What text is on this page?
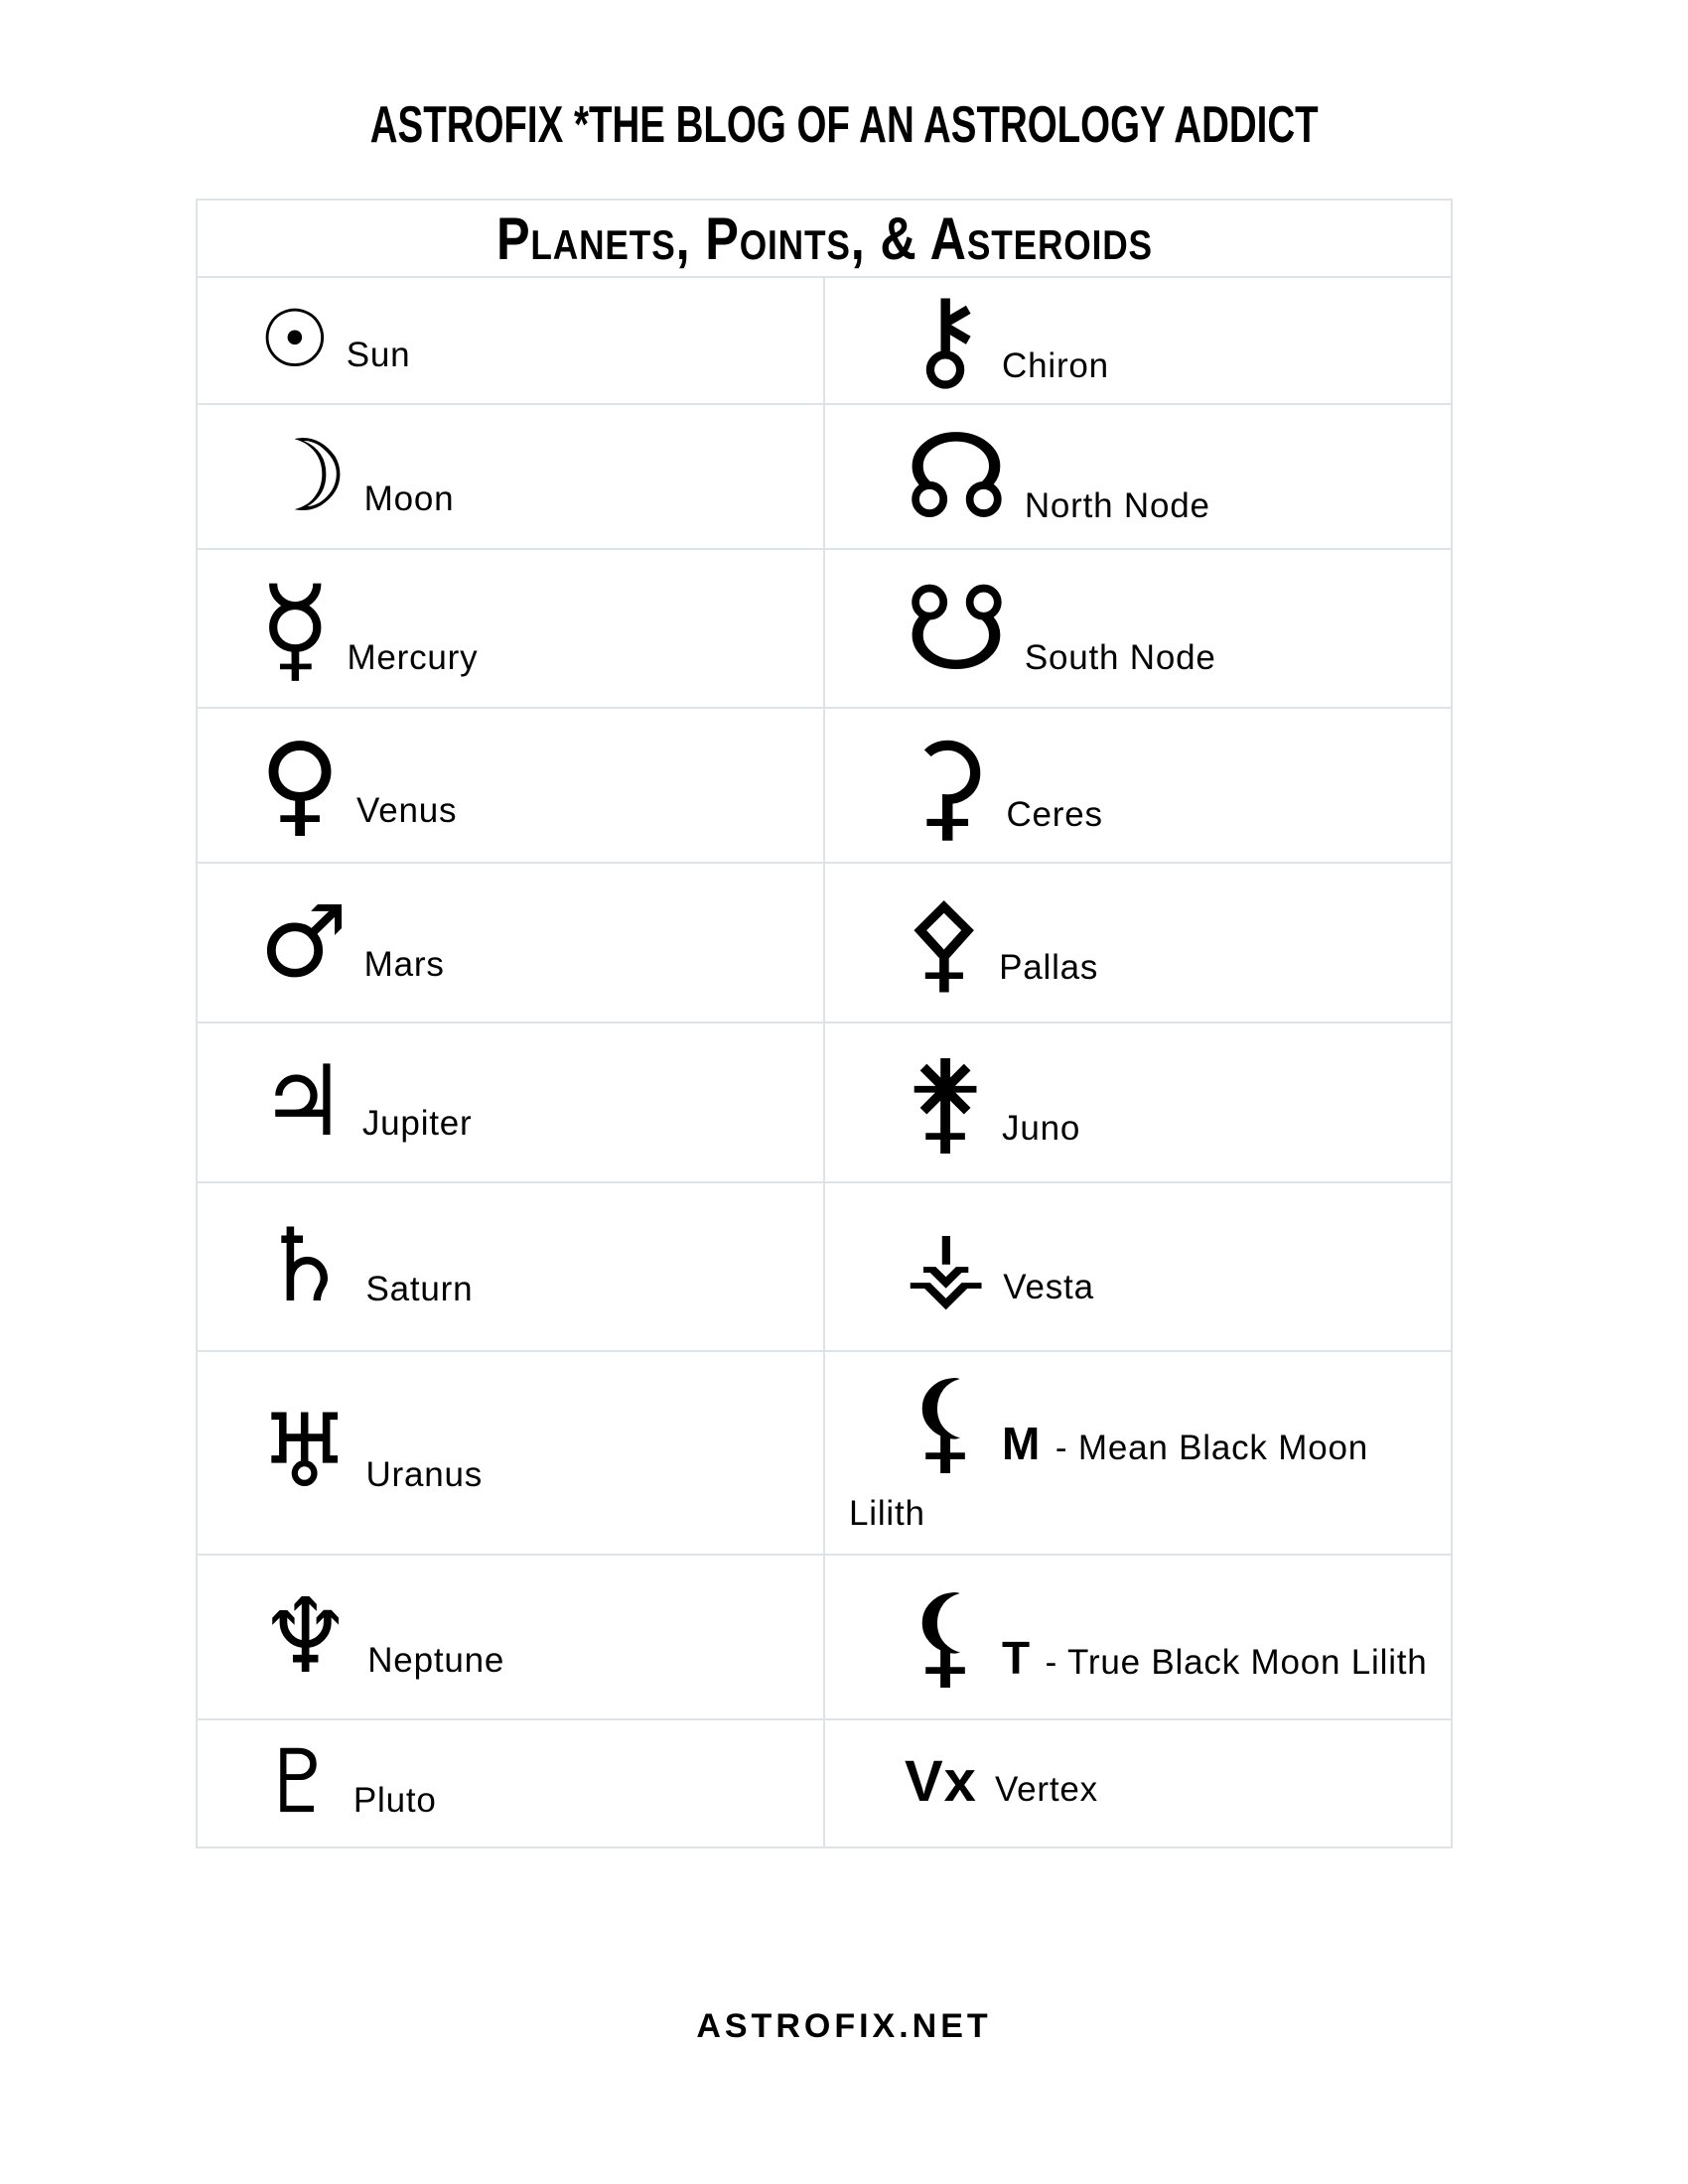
ASTROFIX *THE BLOG OF AN ASTROLOGY ADDICT
Planets, Points, & Asteroids
☉ Sun	⚷ Chiron
☽ Moon	☊ North Node
☿ Mercury	☋ South Node
♀ Venus	⚳ Ceres
♂ Mars	⚴ Pallas
♃ Jupiter	⚵ Juno
♄ Saturn	⚶ Vesta
♅ Uranus	⚸ M - Mean Black Moon
Lilith
♆ Neptune	⚸ T - True Black Moon Lilith
♇ Pluto	Vx Vertex
ASTROFIX.NET
